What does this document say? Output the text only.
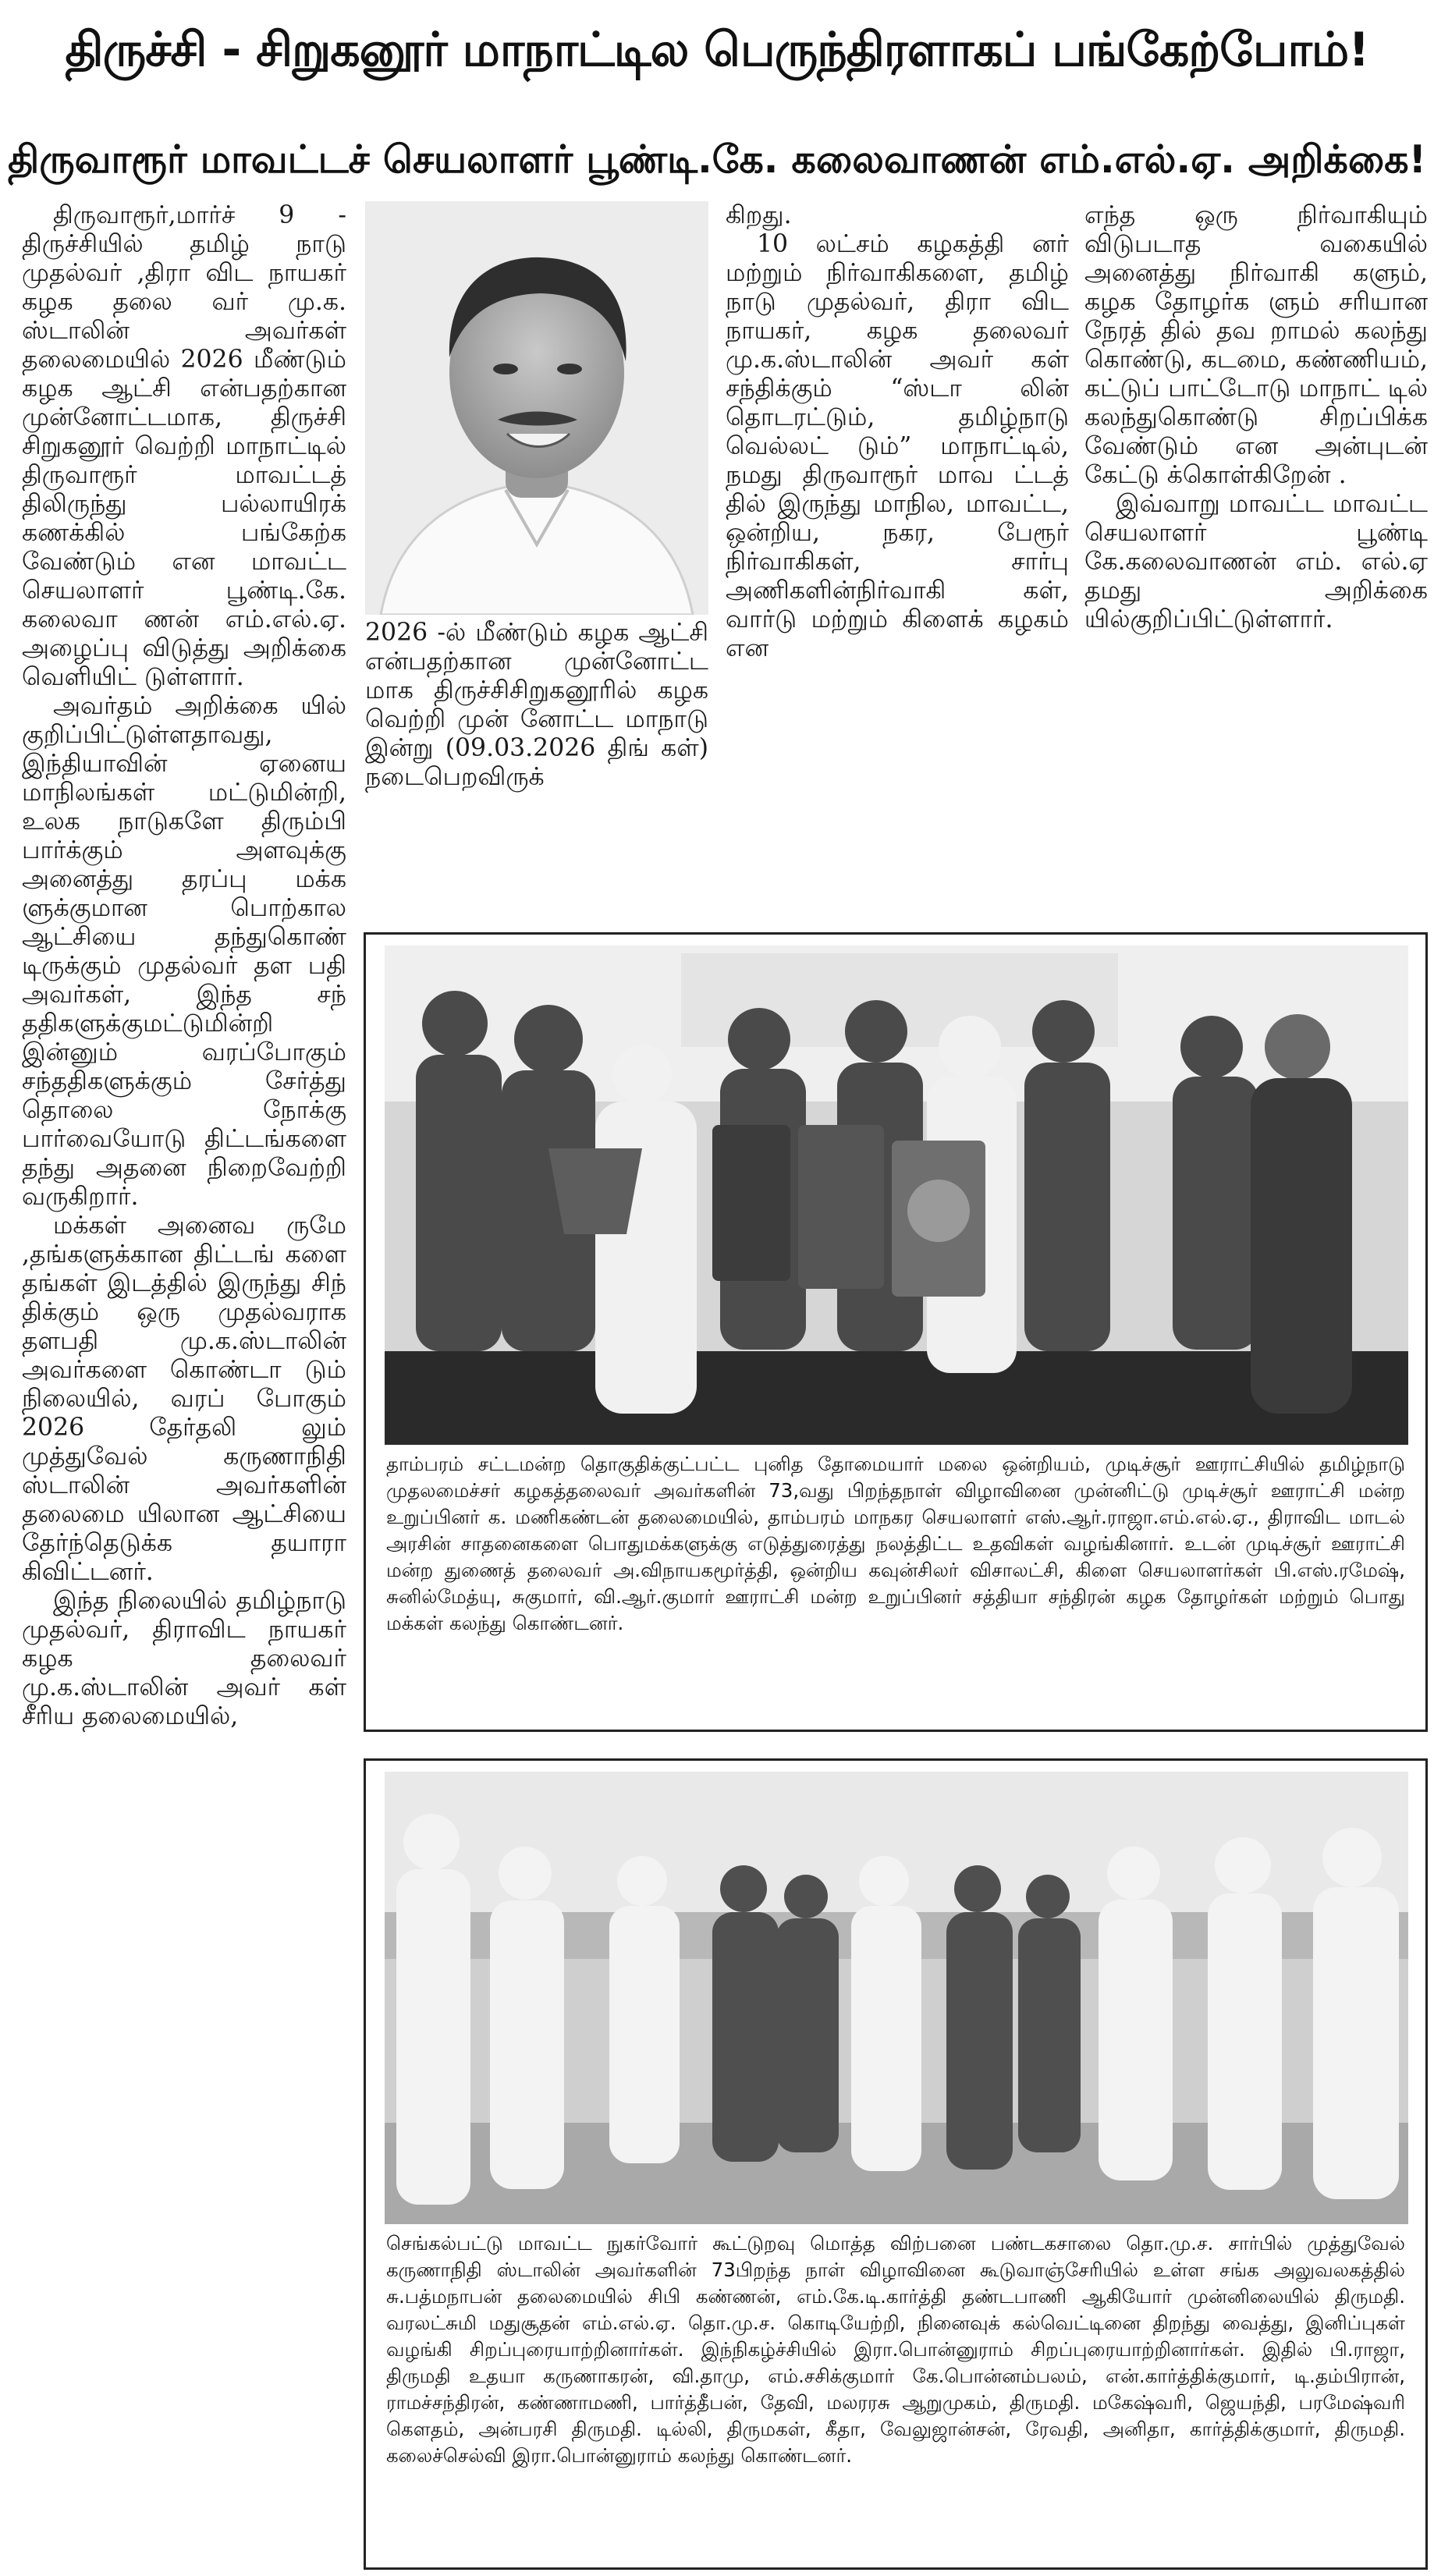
திருச்சி - சிறுகனூர் மாநாட்டில பெருந்திரளாகப் பங்கேற்போம்!
திருவாரூர் மாவட்டச் செயலாளர் பூண்டி.கே. கலைவாணன் எம்.எல்.ஏ. அறிக்கை!

திருவாரூர்,மார்ச் 9 - திருச்சியில் தமிழ் நாடு முதல்வர் ,திரா விட நாயகர் கழக தலை வர் மு.க. ஸ்டாலின் அவர்கள் தலைமையில் 2026 மீண்டும் கழக ஆட்சி என்பதற்கான முன்னோட்டமாக, திருச்சி சிறுகனூர் வெற்றி மாநாட்டில் திருவாரூர் மாவட்டத் திலிருந்து பல்லாயிரக் கணக்கில் பங்கேற்க வேண்டும் என மாவட்ட செயலாளர் பூண்டி.கே. கலைவா ணன் எம்.எல்.ஏ. அழைப்பு விடுத்து அறிக்கை வெளியிட் டுள்ளார்.

அவர்தம் அறிக்கை யில் குறிப்பிட்டுள்ளதாவது, இந்தியாவின் ஏனைய மாநிலங்கள் மட்டுமின்றி, உலக நாடுகளே திரும்பி பார்க்கும் அளவுக்கு அனைத்து தரப்பு மக்க ளுக்குமான பொற்கால ஆட்சியை தந்துகொண் டிருக்கும் முதல்வர் தள பதி அவர்கள், இந்த சந் ததிகளுக்குமட்டுமின்றி இன்னும் வரப்போகும் சந்ததிகளுக்கும் சேர்த்து தொலை நோக்கு பார்வையோடு திட்டங்களை தந்து அதனை நிறைவேற்றி வருகிறார்.

மக்கள் அனைவ ருமே ,தங்களுக்கான திட்டங் களை தங்கள் இடத்தில் இருந்து சிந் திக்கும் ஒரு முதல்வராக தளபதி மு.க.ஸ்டாலின் அவர்களை கொண்டா டும் நிலையில், வரப் போகும் 2026 தேர்தலி லும் முத்துவேல் கருணாநிதி ஸ்டாலின் அவர்களின் தலைமை யிலான ஆட்சியை தேர்ந்தெடுக்க தயாரா கிவிட்டனர்.

இந்த நிலையில் தமிழ்நாடு முதல்வர், திராவிட நாயகர் கழக தலைவர் மு.க.ஸ்டாலின் அவர் கள் சீரிய தலைமையில்,

2026 -ல் மீண்டும் கழக ஆட்சி என்பதற்கான முன்னோட்ட மாக திருச்சிசிறுகனூரில் கழக வெற்றி முன் னோட்ட மாநாடு இன்று (09.03.2026 திங் கள்) நடைபெறவிருக்

கிறது.

10 லட்சம் கழகத்தி னர் மற்றும் நிர்வாகிகளை, தமிழ் நாடு முதல்வர், திரா விட நாயகர், கழக தலைவர் மு.க.ஸ்டாலின் அவர் கள் சந்திக்கும் “ஸ்டா லின் தொடரட்டும், தமிழ்நாடு வெல்லட் டும்” மாநாட்டில், நமது திருவாரூர் மாவ ட்டத் தில் இருந்து மாநில, மாவட்ட, ஒன்றிய, நகர, பேரூர் நிர்வாகிகள், சார்பு அணிகளின்நிர்வாகி கள், வார்டு மற்றும் கிளைக் கழகம் என

எந்த ஒரு நிர்வாகியும் விடுபடாத வகையில் அனைத்து நிர்வாகி களும், கழக தோழர்க ளும் சரியான நேரத் தில் தவ றாமல் கலந்து கொண்டு, கடமை, கண்ணியம், கட்டுப் பாட்டோடு மாநாட் டில் கலந்துகொண்டு சிறப்பிக்க வேண்டும் என அன்புடன் கேட்டு க்கொள்கிறேன் .

இவ்வாறு மாவட்ட மாவட்ட செயலாளர் பூண்டி கே.கலைவாணன் எம். எல்.ஏ தமது அறிக்கை யில்குறிப்பிட்டுள்ளார்.

தாம்பரம் சட்டமன்ற தொகுதிக்குட்பட்ட புனித தோமையார் மலை ஒன்றியம், முடிச்சூர் ஊராட்சியில் தமிழ்நாடு முதலமைச்சர் கழகத்தலைவர் அவர்களின் 73,வது பிறந்தநாள் விழாவினை முன்னிட்டு முடிச்சூர் ஊராட்சி மன்ற உறுப்பினர் க. மணிகண்டன் தலைமையில், தாம்பரம் மாநகர செயலாளர் எஸ்.ஆர்.ராஜா.எம்.எல்.ஏ., திராவிட மாடல் அரசின் சாதனைகளை பொதுமக்களுக்கு எடுத்துரைத்து நலத்திட்ட உதவிகள் வழங்கினார். உடன் முடிச்சூர் ஊராட்சி மன்ற துணைத் தலைவர் அ.விநாயகமூர்த்தி, ஒன்றிய கவுன்சிலர் விசாலட்சி, கிளை செயலாளர்கள் பி.எஸ்.ரமேஷ், சுனில்மேத்யு, சுகுமார், வி.ஆர்.குமார் ஊராட்சி மன்ற உறுப்பினர் சத்தியா சந்திரன் கழக தோழர்கள் மற்றும் பொது மக்கள் கலந்து கொண்டனர்.
செங்கல்பட்டு மாவட்ட நுகர்வோர் கூட்டுறவு மொத்த விற்பனை பண்டகசாலை தொ.மு.ச. சார்பில் முத்துவேல் கருணாநிதி ஸ்டாலின் அவர்களின் 73பிறந்த நாள் விழாவினை கூடுவாஞ்சேரியில் உள்ள சங்க அலுவலகத்தில் சு.பத்மநாபன் தலைமையில் சிபி கண்ணன், எம்.கே.டி.கார்த்தி தண்டபாணி ஆகியோர் முன்னிலையில் திருமதி. வரலட்சுமி மதுசூதன் எம்.எல்.ஏ. தொ.மு.ச. கொடியேற்றி, நினைவுக் கல்வெட்டினை திறந்து வைத்து, இனிப்புகள் வழங்கி சிறப்புரையாற்றினார்கள். இந்நிகழ்ச்சியில் இரா.பொன்னுராம் சிறப்புரையாற்றினார்கள். இதில் பி.ராஜா, திருமதி உதயா கருணாகரன், வி.தாமு, எம்.சசிக்குமார் கே.பொன்னம்பலம், என்.கார்த்திக்குமார், டி.தம்பிரான், ராமச்சந்திரன், கண்ணாமணி, பார்த்தீபன், தேவி, மலரரசு ஆறுமுகம், திருமதி. மகேஷ்வரி, ஜெயந்தி, பரமேஷ்வரி கௌதம், அன்பரசி திருமதி. டில்லி, திருமகள், கீதா, வேலுஜான்சன், ரேவதி, அனிதா, கார்த்திக்குமார், திருமதி. கலைச்செல்வி இரா.பொன்னுராம் கலந்து கொண்டனர்.
